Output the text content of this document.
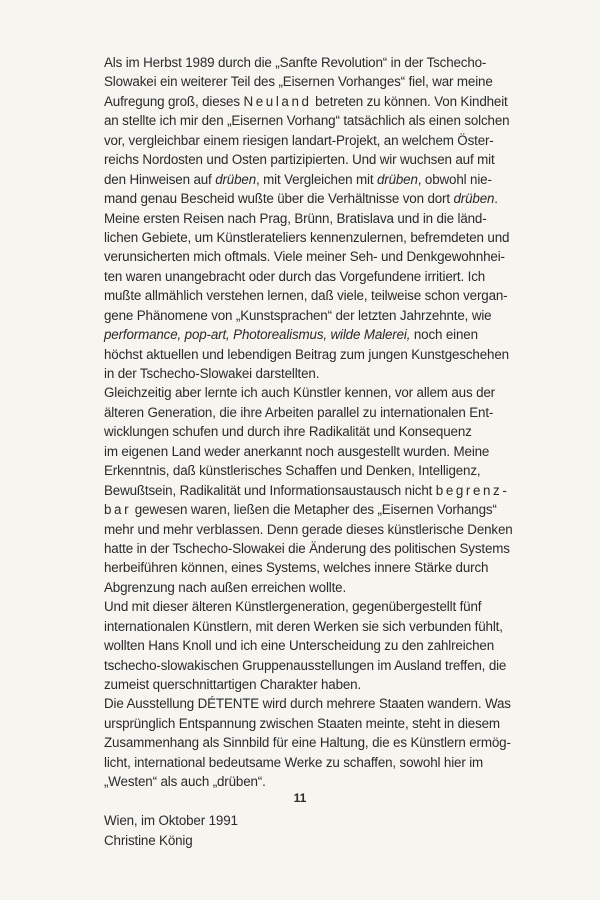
Als im Herbst 1989 durch die „Sanfte Revolution“ in der Tschecho-
Slowakei ein weiterer Teil des „Eisernen Vorhanges“ fiel, war meine
Aufregung groß, dieses Neuland betreten zu können. Von Kindheit
an stellte ich mir den „Eisernen Vorhang“ tatsächlich als einen solchen
vor, vergleichbar einem riesigen landart-Projekt, an welchem Öster-
reichs Nordosten und Osten partizipierten. Und wir wuchsen auf mit
den Hinweisen auf drüben, mit Vergleichen mit drüben, obwohl nie-
mand genau Bescheid wußte über die Verhältnisse von dort drüben.
Meine ersten Reisen nach Prag, Brünn, Bratislava und in die länd-
lichen Gebiete, um Künstlerateliers kennenzulernen, befremdeten und
verunsicherten mich oftmals. Viele meiner Seh- und Denkgewohnhei-
ten waren unangebracht oder durch das Vorgefundene irritiert. Ich
mußte allmählich verstehen lernen, daß viele, teilweise schon vergan-
gene Phänomene von „Kunstsprachen“ der letzten Jahrzehnte, wie
performance, pop-art, Photorealismus, wilde Malerei, noch einen
höchst aktuellen und lebendigen Beitrag zum jungen Kunstgeschehen
in der Tschecho-Slowakei darstellten.
Gleichzeitig aber lernte ich auch Künstler kennen, vor allem aus der
älteren Generation, die ihre Arbeiten parallel zu internationalen Ent-
wicklungen schufen und durch ihre Radikalität und Konsequenz
im eigenen Land weder anerkannt noch ausgestellt wurden. Meine
Erkenntnis, daß künstlerisches Schaffen und Denken, Intelligenz,
Bewußtsein, Radikalität und Informationsaustausch nicht begrenz-
bar gewesen waren, ließen die Metapher des „Eisernen Vorhangs“
mehr und mehr verblassen. Denn gerade dieses künstlerische Denken
hatte in der Tschecho-Slowakei die Änderung des politischen Systems
herbeiführen können, eines Systems, welches innere Stärke durch
Abgrenzung nach außen erreichen wollte.
Und mit dieser älteren Künstlergeneration, gegenübergestellt fünf
internationalen Künstlern, mit deren Werken sie sich verbunden fühlt,
wollten Hans Knoll und ich eine Unterscheidung zu den zahlreichen
tschecho-slowakischen Gruppenausstellungen im Ausland treffen, die
zumeist querschnittartigen Charakter haben.
Die Ausstellung DÉTENTE wird durch mehrere Staaten wandern. Was
ursprünglich Entspannung zwischen Staaten meinte, steht in diesem
Zusammenhang als Sinnbild für eine Haltung, die es Künstlern ermög-
licht, international bedeutsame Werke zu schaffen, sowohl hier im
„Westen“ als auch „drüben“.
Wien, im Oktober 1991
Christine König
11
